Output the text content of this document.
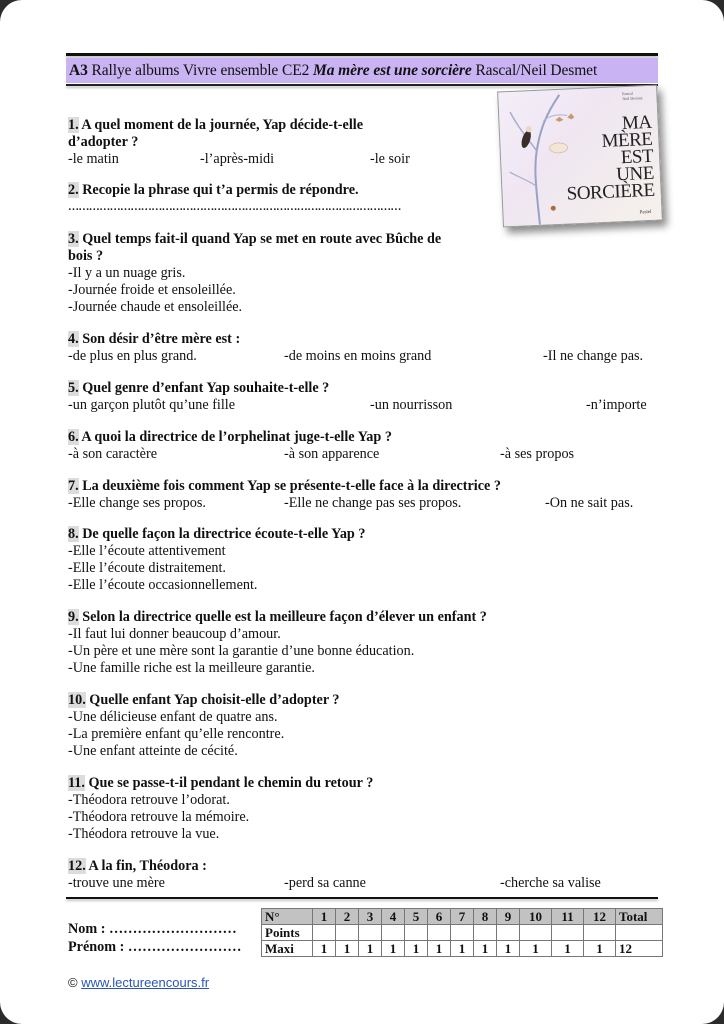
A3 Rallye albums Vivre ensemble CE2 Ma mère est une sorcière Rascal/Neil Desmet
Rascal
Neil Desmet
MA
MÈRE
EST
UNE
SORCIÈRE
Pastel
1. A quel moment de la journée, Yap décide-t-elle
d’adopter ?
-le matin	-l’après-midi	-le soir
2. Recopie la phrase qui t’a permis de répondre.
……………………………………………………………………………………
3. Quel temps fait-il quand Yap se met en route avec Bûche de
bois ?
-Il y a un nuage gris.
-Journée froide et ensoleillée.
-Journée chaude et ensoleillée.
4. Son désir d’être mère est :
-de plus en plus grand.	-de moins en moins grand	-Il ne change pas.
5. Quel genre d’enfant Yap souhaite-t-elle ?
-un garçon plutôt qu’une fille	-un nourrisson	-n’importe
6. A quoi la directrice de l’orphelinat juge-t-elle Yap ?
-à son caractère	-à son apparence	-à ses propos
7. La deuxième fois comment Yap se présente-t-elle face à la directrice ?
-Elle change ses propos.	-Elle ne change pas ses propos.	-On ne sait pas.
8. De quelle façon la directrice écoute-t-elle Yap ?
-Elle l’écoute attentivement
-Elle l’écoute distraitement.
-Elle l’écoute occasionnellement.
9. Selon la directrice quelle est la meilleure façon d’élever un enfant ?
-Il faut lui donner beaucoup d’amour.
-Un père et une mère sont la garantie d’une bonne éducation.
-Une famille riche est la meilleure garantie.
10. Quelle enfant Yap choisit-elle d’adopter ?
-Une délicieuse enfant de quatre ans.
-La première enfant qu’elle rencontre.
-Une enfant atteinte de cécité.
11. Que se passe-t-il pendant le chemin du retour ?
-Théodora retrouve l’odorat.
-Théodora retrouve la mémoire.
-Théodora retrouve la vue.
12. A la fin, Théodora :
-trouve une mère	-perd sa canne	-cherche sa valise
Nom : ………………………
Prénom : ……………………
N°	1	2	3	4	5	6	7	8	9	10	11	12	Total
Points													
Maxi	1	1	1	1	1	1	1	1	1	1	1	1	12
© www.lectureencours.fr
